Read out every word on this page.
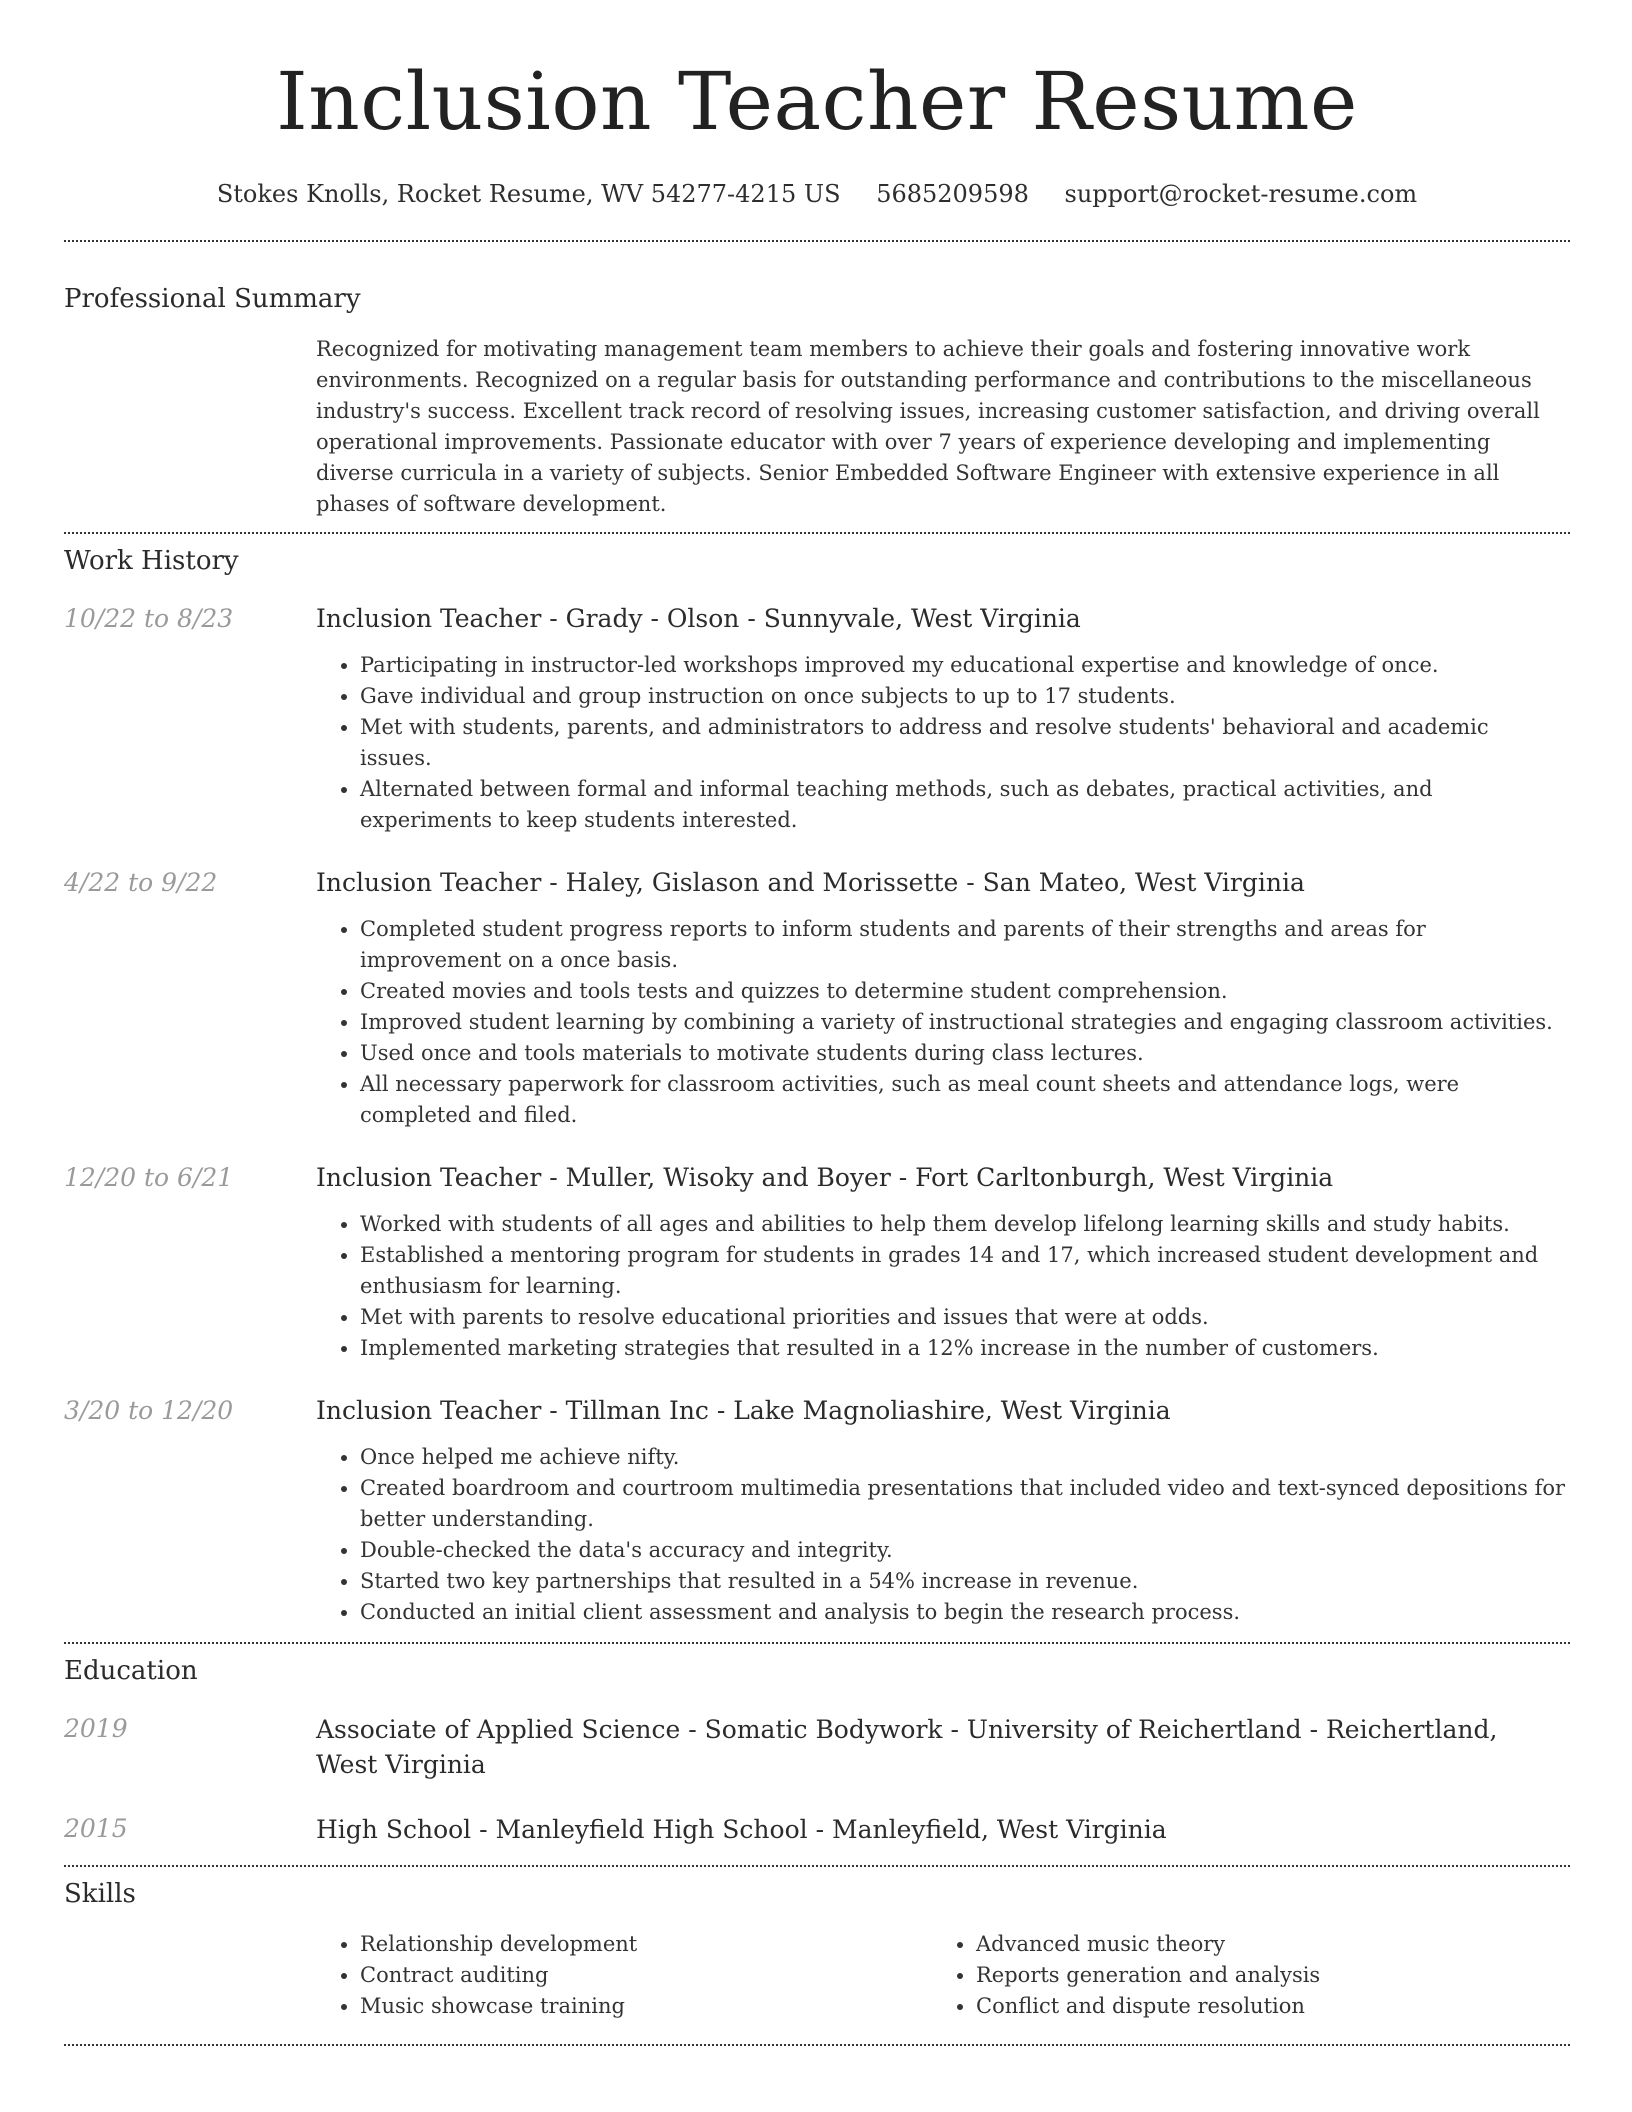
Inclusion Teacher Resume
Stokes Knolls, Rocket Resume, WV 54277-4215 US 5685209598 support@rocket-resume.com
Professional Summary
Recognized for motivating management team members to achieve their goals and fostering innovative work environments. Recognized on a regular basis for outstanding performance and contributions to the miscellaneous industry's success. Excellent track record of resolving issues, increasing customer satisfaction, and driving overall operational improvements. Passionate educator with over 7 years of experience developing and implementing diverse curricula in a variety of subjects. Senior Embedded Software Engineer with extensive experience in all phases of software development.
Work History
10/22 to 8/23	Inclusion Teacher - Grady - Olson - Sunnyvale, West Virginia
• Participating in instructor-led workshops improved my educational expertise and knowledge of once.
• Gave individual and group instruction on once subjects to up to 17 students.
• Met with students, parents, and administrators to address and resolve students' behavioral and academic issues.
• Alternated between formal and informal teaching methods, such as debates, practical activities, and experiments to keep students interested.
4/22 to 9/22	Inclusion Teacher - Haley, Gislason and Morissette - San Mateo, West Virginia
• Completed student progress reports to inform students and parents of their strengths and areas for improvement on a once basis.
• Created movies and tools tests and quizzes to determine student comprehension.
• Improved student learning by combining a variety of instructional strategies and engaging classroom activities.
• Used once and tools materials to motivate students during class lectures.
• All necessary paperwork for classroom activities, such as meal count sheets and attendance logs, were completed and filed.
12/20 to 6/21	Inclusion Teacher - Muller, Wisoky and Boyer - Fort Carltonburgh, West Virginia
• Worked with students of all ages and abilities to help them develop lifelong learning skills and study habits.
• Established a mentoring program for students in grades 14 and 17, which increased student development and enthusiasm for learning.
• Met with parents to resolve educational priorities and issues that were at odds.
• Implemented marketing strategies that resulted in a 12% increase in the number of customers.
3/20 to 12/20	Inclusion Teacher - Tillman Inc - Lake Magnoliashire, West Virginia
• Once helped me achieve nifty.
• Created boardroom and courtroom multimedia presentations that included video and text-synced depositions for better understanding.
• Double-checked the data's accuracy and integrity.
• Started two key partnerships that resulted in a 54% increase in revenue.
• Conducted an initial client assessment and analysis to begin the research process.
Education
2019	Associate of Applied Science - Somatic Bodywork - University of Reichertland - Reichertland, West Virginia
2015	High School - Manleyfield High School - Manleyfield, West Virginia
Skills
• Relationship development
• Contract auditing
• Music showcase training
• Advanced music theory
• Reports generation and analysis
• Conflict and dispute resolution
